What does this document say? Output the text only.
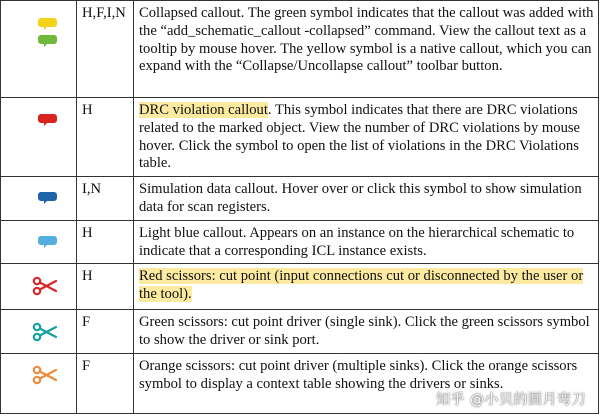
	H,F,I,N	Collapsed callout. The green symbol indicates that the callout was added with the “add_schematic_callout -collapsed” command. View the callout text as a tooltip by mouse hover. The yellow symbol is a native callout, which you can expand with the “Collapse/Uncollapse callout” toolbar button.

	H	DRC violation callout. This symbol indicates that there are DRC violations related to the marked object. View the number of DRC violations by mouse hover. Click the symbol to open the list of violations in the DRC Violations table.

	I,N	Simulation data callout. Hover over or click this symbol to show simulation data for scan registers.

	H	Light blue callout. Appears on an instance on the hierarchical schematic to indicate that a corresponding ICL instance exists.

	H	Red scissors: cut point (input connections cut or disconnected by the user or the tool).

	F	Green scissors: cut point driver (single sink). Click the green scissors symbol to show the driver or sink port.

	F	Orange scissors: cut point driver (multiple sinks). Click the orange scissors symbol to display a context table showing the drivers or sinks.
知乎 @小贝的圆月弯刀
